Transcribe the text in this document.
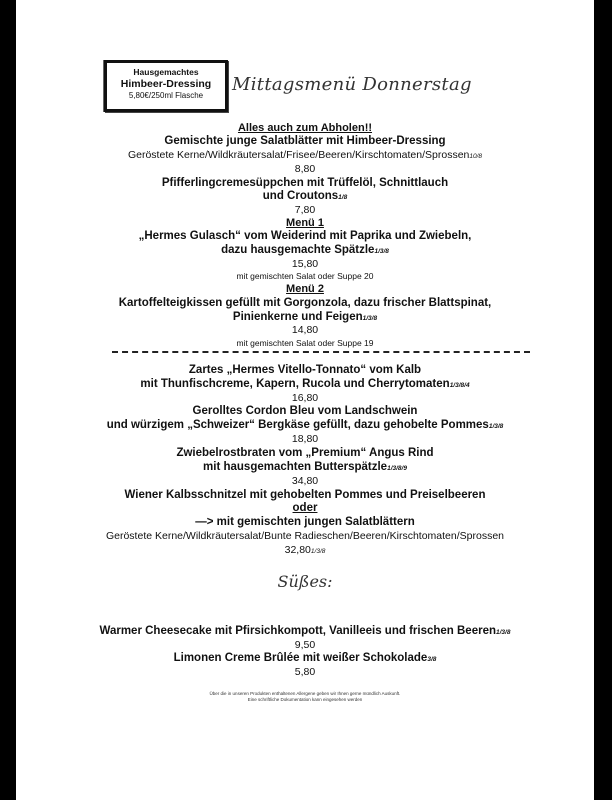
Hausgemachtes
Himbeer-Dressing
5,80€/250ml Flasche
Mittagsmenü Donnerstag
Alles auch zum Abholen!!
Gemischte junge Salatblätter mit Himbeer-Dressing
Geröstete Kerne/Wildkräutersalat/Frisee/Beeren/Kirschtomaten/Sprossen10/8
8,80
Pfifferlingcremesüppchen mit Trüffelöl, Schnittlauch
und Croutons1/8
7,80
Menü 1
„Hermes Gulasch“ vom Weiderind mit Paprika und Zwiebeln,
dazu hausgemachte Spätzle1/3/8
15,80
mit gemischten Salat oder Suppe 20
Menü 2
Kartoffelteigkissen gefüllt mit Gorgonzola, dazu frischer Blattspinat,
Pinienkerne und Feigen1/3/8
14,80
mit gemischten Salat oder Suppe 19
Zartes „Hermes Vitello-Tonnato“ vom Kalb
mit Thunfischcreme, Kapern, Rucola und Cherrytomaten1/3/8/4
16,80
Gerolltes Cordon Bleu vom Landschwein
und würzigem „Schweizer“ Bergkäse gefüllt, dazu gehobelte Pommes1/3/8
18,80
Zwiebelrostbraten vom „Premium“ Angus Rind
mit hausgemachten Butterspätzle1/3/8/9
34,80
Wiener Kalbsschnitzel mit gehobelten Pommes und Preiselbeeren
oder
—> mit gemischten jungen Salatblättern
Geröstete Kerne/Wildkräutersalat/Bunte Radieschen/Beeren/Kirschtomaten/Sprossen
32,801/3/8
Süßes:
Warmer Cheesecake mit Pfirsichkompott, Vanilleeis und frischen Beeren1/3/8
9,50
Limonen Creme Brûlée mit weißer Schokolade3/8
5,80
Über die in unseren Produkten enthaltenen Allergene geben wir Ihnen gerne mündlich Auskunft.
Eine schriftliche Dokumentation kann eingesehen werden
